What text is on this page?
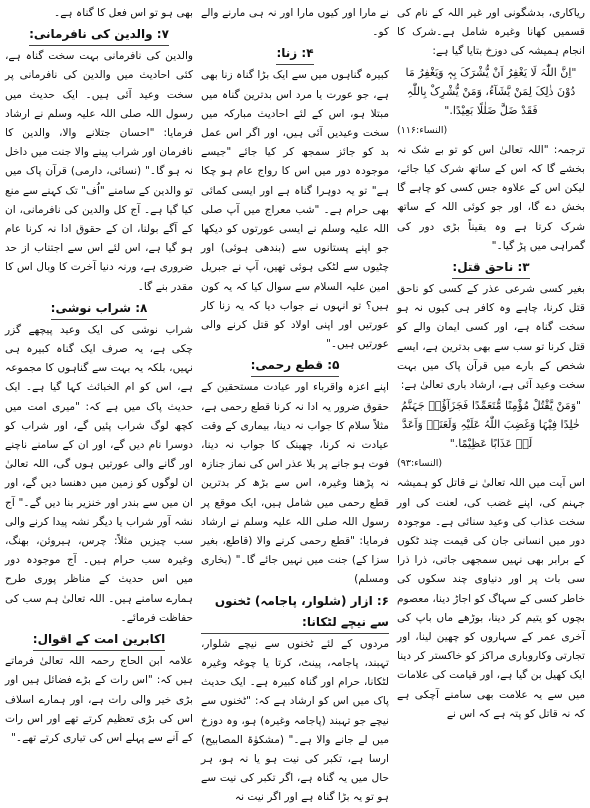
ریاکاری، بدشگونی اور غیر اللہ کے نام کی قسمیں کھانا وغیرہ شامل ہے۔شرک کا انجام ہمیشہ کی دوزخ بتایا گیا ہے:

"اِنَّ اللّٰہَ لَا یَغْفِرُ اَنْ یُّشْرَکَ بِہٖ وَیَغْفِرُ مَا دُوْنَ ذٰلِکَ لِمَنْ یَّشَآءُ، وَمَنْ یُّشْرِکْ بِاللّٰہِ فَقَدْ ضَلَّ ضَلٰلًا بَعِیْدًا."

(النساء:۱۱۶)

ترجمہ: "اللہ تعالیٰ اس کو تو بے شک نہ بخشے گا کہ اس کے ساتھ شرک کیا جائے، لیکن اس کے علاوہ جس کسی کو چاہے گا بخش دے گا، اور جو کوئی اللہ کے ساتھ شرک کرتا ہے وہ یقیناً بڑی دور کی گمراہی میں پڑ گیا۔"

۳: ناحق قتل:

بغیر کسی شرعی عذر کے کسی کو ناحق قتل کرنا، چاہے وہ کافر ہی کیوں نہ ہو سخت گناہ ہے، اور کسی ایمان والے کو قتل کرنا تو سب سے بھی بدترین ہے، ایسے شخص کے بارے میں قرآن پاک میں بہت سخت وعید آئی ہے، ارشاد باری تعالیٰ ہے:

"وَمَنْ یَّقْتُلْ مُؤْمِنًا مُّتَعَمِّدًا فَجَزَآؤُہٗ جَہَنَّمُ خٰلِدًا فِیْہَا وَغَضِبَ اللّٰہُ عَلَیْہِ وَلَعَنَہٗ وَاَعَدَّ لَہٗ عَذَابًا عَظِیْمًا."

(النساء:۹۳)

اس آیت میں اللہ تعالیٰ نے قاتل کو ہمیشہ جہنم کی، اپنے غضب کی، لعنت کی اور سخت عذاب کی وعید سنائی ہے۔ موجودہ دور میں انسانی جان کی قیمت چند ٹکوں کے برابر بھی نہیں سمجھی جاتی، ذرا ذرا سی بات پر اور دنیاوی چند سکوں کی خاطر کسی کے سہاگ کو اجاڑ دینا، معصوم بچوں کو یتیم کر دینا، بوڑھے ماں باپ کی آخری عمر کے سہاروں کو چھین لینا، اور تجارتی وکاروباری مراکز کو خاکستر کر دینا ایک کھیل بن گیا ہے، اور قیامت کی علامات میں سے یہ علامت بھی سامنے آچکی ہے کہ نہ قاتل کو پتہ ہے کہ اس نے

نے مارا اور کیوں مارا اور نہ ہی مارنے والے کو۔

۴: زنا:

کبیرہ گناہوں میں سے ایک بڑا گناہ زنا بھی ہے، جو عورت یا مرد اس بدترین گناہ میں مبتلا ہو، اس کے لئے احادیث مبارکہ میں سخت وعیدیں آئی ہیں، اور اگر اس عمل بد کو جائز سمجھ کر کیا جائے "جیسے موجودہ دور میں اس کا رواج عام ہو چکا ہے" تو یہ دوہرا گناہ ہے اور ایسی کمائی بھی حرام ہے۔ "شب معراج میں آپ صلی اللہ علیہ وسلم نے ایسی عورتوں کو دیکھا جو اپنے پستانوں سے (بندھی ہوئی) اور چٹیوں سے لٹکی ہوئی تھیں، آپ نے جبریل امین علیہ السلام سے سوال کیا کہ یہ کون ہیں؟ تو انہوں نے جواب دیا کہ یہ زنا کار عورتیں اور اپنی اولاد کو قتل کرنے والی عورتیں ہیں۔"

۵: قطع رحمی:

اپنے اعزہ واقرباء اور عیادت مستحقین کے حقوق ضرور یہ ادا نہ کرنا قطع رحمی ہے، مثلاً سلام کا جواب نہ دینا، بیماری کے وقت عیادت نہ کرنا، چھینک کا جواب نہ دینا، فوت ہو جانے پر بلا عذر اس کی نماز جنازہ نہ پڑھنا وغیرہ، اس سے بڑھ کر بدترین قطع رحمی میں شامل ہیں، ایک موقع پر رسول اللہ صلی اللہ علیہ وسلم نے ارشاد فرمایا: "قطع رحمی کرنے والا (قاطع، بغیر سزا کے) جنت میں نہیں جائے گا۔" (بخاری ومسلم)

۶: ازار (شلوار، پاجامہ) ٹخنوں سے نیچے لٹکانا:

مردوں کے لئے ٹخنوں سے نیچے شلوار، تہبند، پاجامہ، پینٹ، کرتا یا چوغہ وغیرہ لٹکانا، حرام اور گناہ کبیرہ ہے۔ ایک حدیث پاک میں اس کو ارشاد ہے کہ: "ٹخنوں سے نیچے جو تہبند (پاجامہ وغیرہ) ہو، وہ دوزخ میں لے جانے والا ہے۔" (مشکوٰۃ المصابیح) ارسا ہے، تکبر کی نیت ہو یا نہ ہو، ہر حال میں یہ گناہ ہے، اگر تکبر کی نیت سے ہو تو یہ بڑا گناہ ہے اور اگر نیت نہ

بھی ہو تو اس فعل کا گناہ ہے۔

۷: والدین کی نافرمانی:

والدین کی نافرمانی بہت سخت گناہ ہے، کئی احادیث میں والدین کی نافرمانی پر سخت وعید آئی ہیں۔ ایک حدیث میں رسول اللہ صلی اللہ علیہ وسلم نے ارشاد فرمایا: "احسان جتلانے والا، والدین کا نافرمان اور شراب پینے والا جنت میں داخل نہ ہو گا۔" (نسائی، دارمی) قرآن پاک میں تو والدین کے سامنے "اُف" تک کہنے سے منع کیا گیا ہے۔ آج کل والدین کی نافرمانی، ان کے آگے بولنا، ان کے حقوق ادا نہ کرنا عام ہو گیا ہے، اس لئے اس سے اجتناب از حد ضروری ہے، ورنہ دنیا آخرت کا وبال اس کا مقدر بنے گا۔

۸: شراب نوشی:

شراب نوشی کی ایک وعید پیچھے گزر چکی ہے، یہ صرف ایک گناہ کبیرہ ہی نہیں، بلکہ یہ بہت سے گناہوں کا مجموعہ ہے، اس کو ام الخبائث کہا گیا ہے۔ ایک حدیث پاک میں ہے کہ: "میری امت میں کچھ لوگ شراب پئیں گے، اور شراب کو دوسرا نام دیں گے، اور ان کے سامنے ناچنے اور گانے والی عورتیں ہوں گی، اللہ تعالیٰ ان لوگوں کو زمین میں دھنسا دیں گے، اور ان میں سے بندر اور خنزیر بنا دیں گے۔" آج نشہ آور شراب یا دیگر نشہ پیدا کرنے والی سب چیزیں مثلاً: چرس، ہیروئن، بھنگ، وغیرہ سب حرام ہیں۔ آج موجودہ دور میں اس حدیث کے مناظر پوری طرح ہمارے سامنے ہیں۔ اللہ تعالیٰ ہم سب کی حفاظت فرمائے۔

اکابرین امت کے اقوال:

علامہ ابن الحاج رحمہ اللہ تعالیٰ فرماتے ہیں کہ: "اس رات کے بڑے فضائل ہیں اور بڑی خیر والی رات ہے، اور ہمارے اسلاف اس کی بڑی تعظیم کرتے تھے اور اس رات کے آنے سے پہلے اس کی تیاری کرتے تھے۔"
